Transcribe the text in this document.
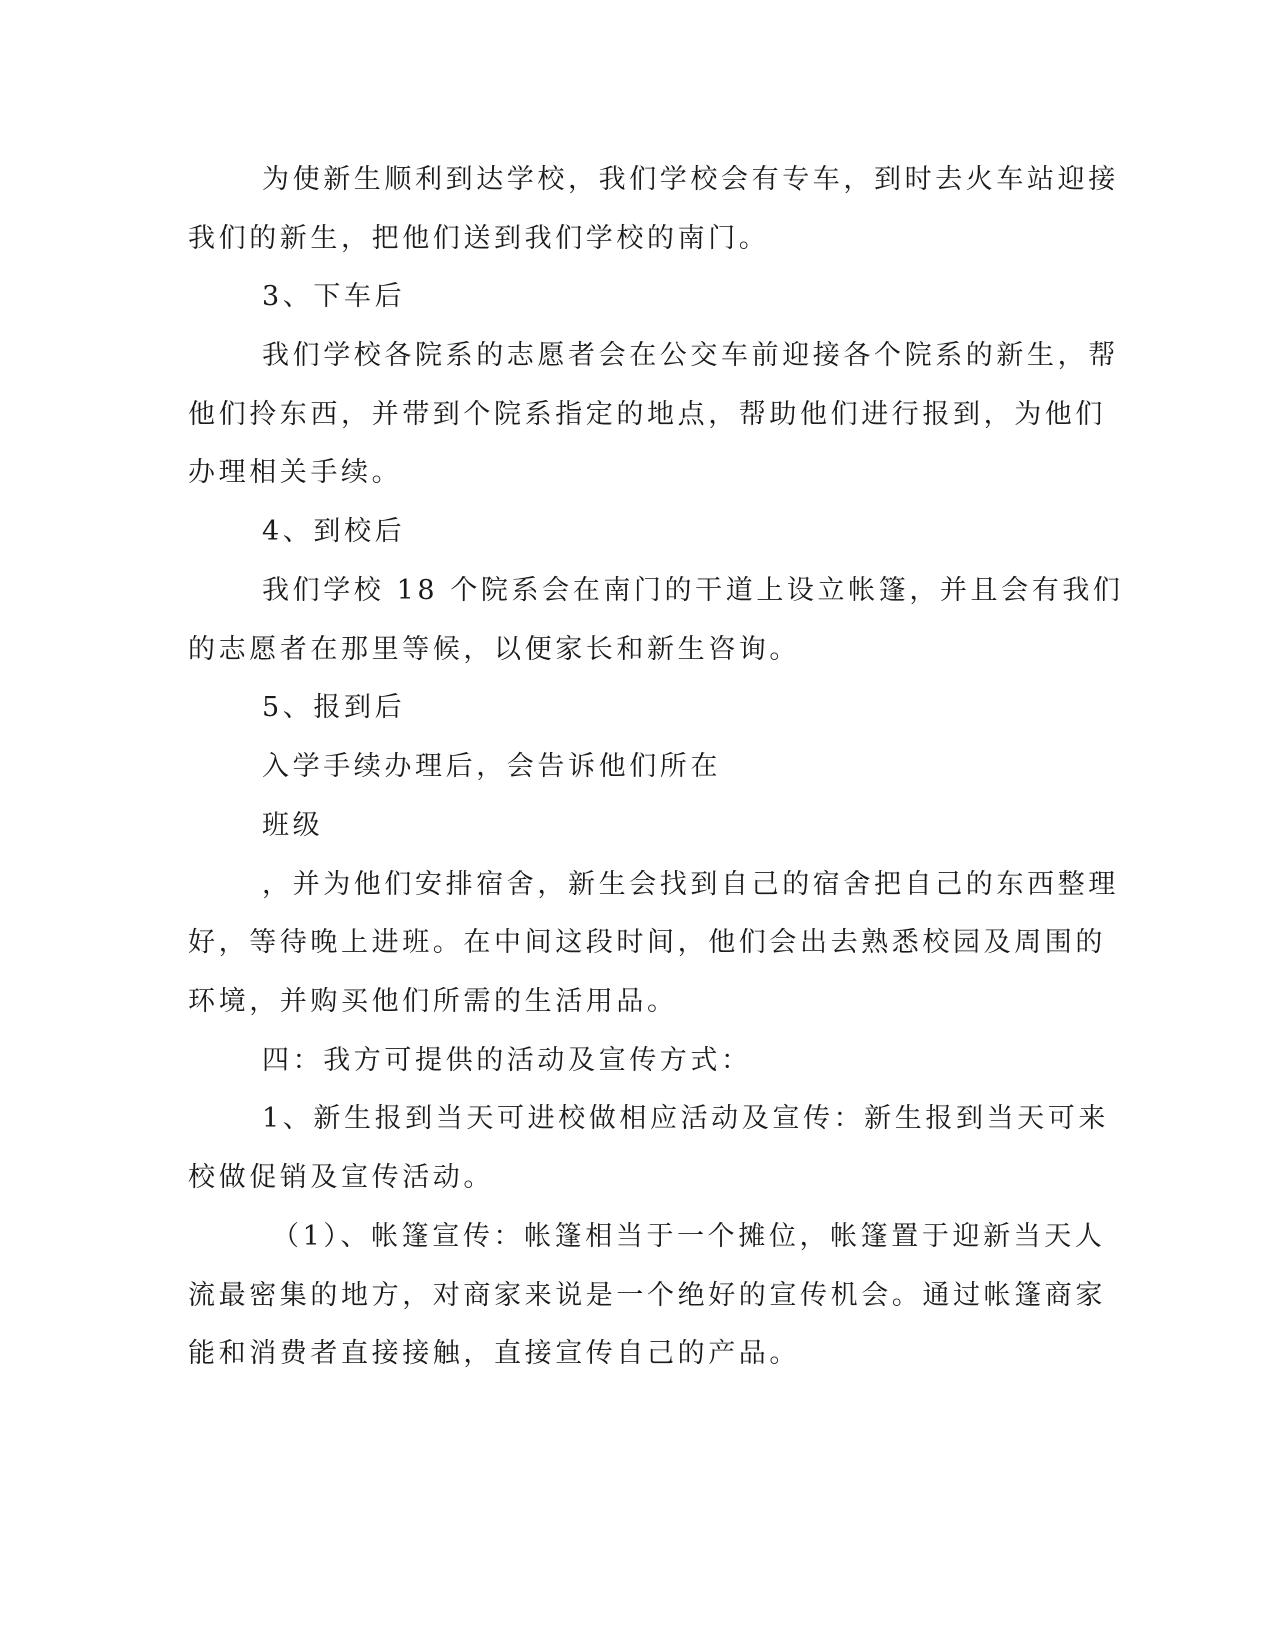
为使新生顺利到达学校，我们学校会有专车，到时去火车站迎接
我们的新生，把他们送到我们学校的南门。
3、下车后
我们学校各院系的志愿者会在公交车前迎接各个院系的新生，帮
他们拎东西，并带到个院系指定的地点，帮助他们进行报到，为他们
办理相关手续。
4、到校后
我们学校 18 个院系会在南门的干道上设立帐篷，并且会有我们
的志愿者在那里等候，以便家长和新生咨询。
5、报到后
入学手续办理后，会告诉他们所在
班级
，并为他们安排宿舍，新生会找到自己的宿舍把自己的东西整理
好，等待晚上进班。在中间这段时间，他们会出去熟悉校园及周围的
环境，并购买他们所需的生活用品。
四：我方可提供的活动及宣传方式：
1、新生报到当天可进校做相应活动及宣传：新生报到当天可来
校做促销及宣传活动。
（1）、帐篷宣传：帐篷相当于一个摊位，帐篷置于迎新当天人
流最密集的地方，对商家来说是一个绝好的宣传机会。通过帐篷商家
能和消费者直接接触，直接宣传自己的产品。
